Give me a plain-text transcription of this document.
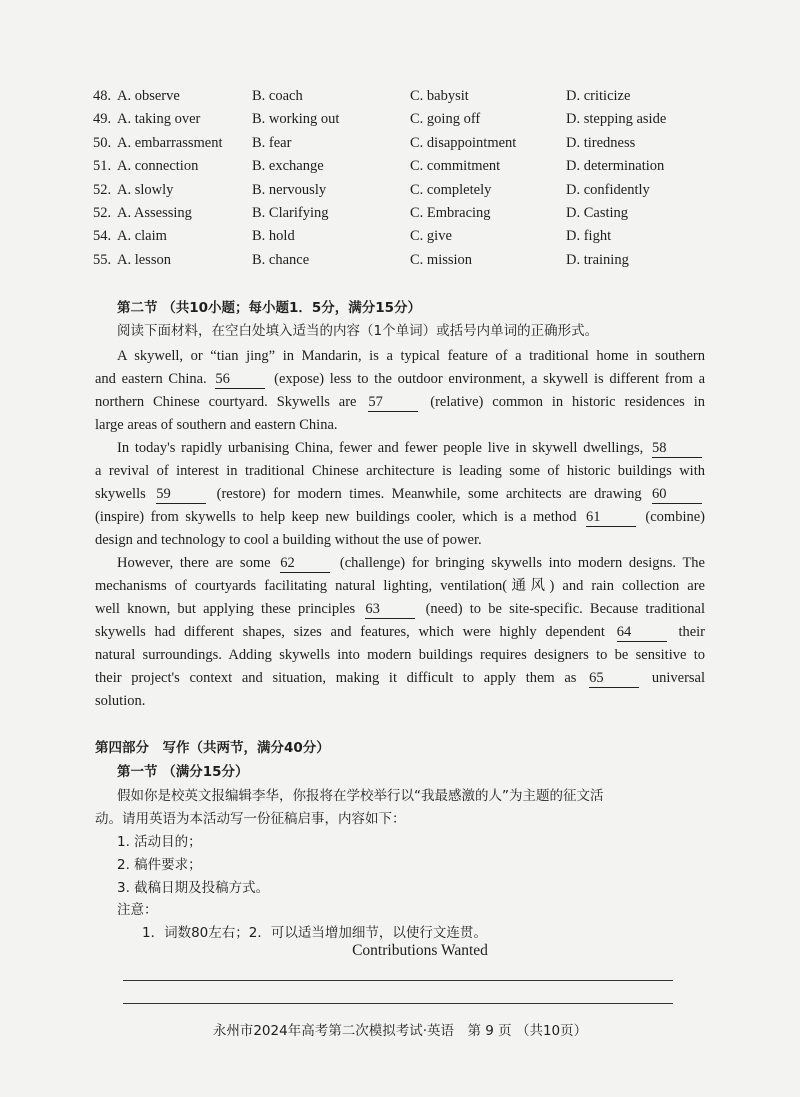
48. A. observe	B. coach	C. babysit	D. criticize
49. A. taking over	B. working out	C. going off	D. stepping aside
50. A. embarrassment B. fear	C. disappointment	D. tiredness
51. A. connection	B. exchange	C. commitment	D. determination
52. A. slowly	B. nervously	C. completely	D. confidently
52. A. Assessing	B. Clarifying	C. Embracing	D. Casting
54. A. claim	B. hold	C. give	D. fight
55. A. lesson	B. chance	C. mission	D. training
第二节 （共10小题；每小题1．5分，满分15分）
阅读下面材料，在空白处填入适当的内容（1个单词）或括号内单词的正确形式。
A skywell, or “tian jing” in Mandarin, is a typical feature of a traditional home in southern
and eastern China. 56	(expose) less to the outdoor environment, a skywell is different from a
northern Chinese courtyard. Skywells are 57	(relative) common in historic residences in
large areas of southern and eastern China.
In today's rapidly urbanising China, fewer and fewer people live in skywell dwellings, 58
a revival of interest in traditional Chinese architecture is leading some of historic buildings with
skywells 59	(restore) for modern times. Meanwhile, some architects are drawing 60
(inspire) from skywells to help keep new buildings cooler, which is a method 61	(combine)
design and technology to cool a building without the use of power.
However, there are some 62	(challenge) for bringing skywells into modern designs. The
mechanisms of courtyards facilitating natural lighting, ventilation(通风) and rain collection are
well known, but applying these principles 63	(need) to be site-specific. Because traditional
skywells had different shapes, sizes and features, which were highly dependent 64	their
natural surroundings. Adding skywells into modern buildings requires designers to be sensitive to
their project's context and situation, making it difficult to apply them as 65	universal
solution.
第四部分　写作（共两节，满分40分）
第一节 （满分15分）
假如你是校英文报编辑李华，你报将在学校举行以“我最感激的人”为主题的征文活
动。请用英语为本活动写一份征稿启事，内容如下：
1. 活动目的；
2. 稿件要求；
3. 截稿日期及投稿方式。
注意：
1．词数80左右；2．可以适当增加细节，以使行文连贯。
Contributions Wanted
永州市2024年高考第二次模拟考试·英语　第 9 页 （共10页）
